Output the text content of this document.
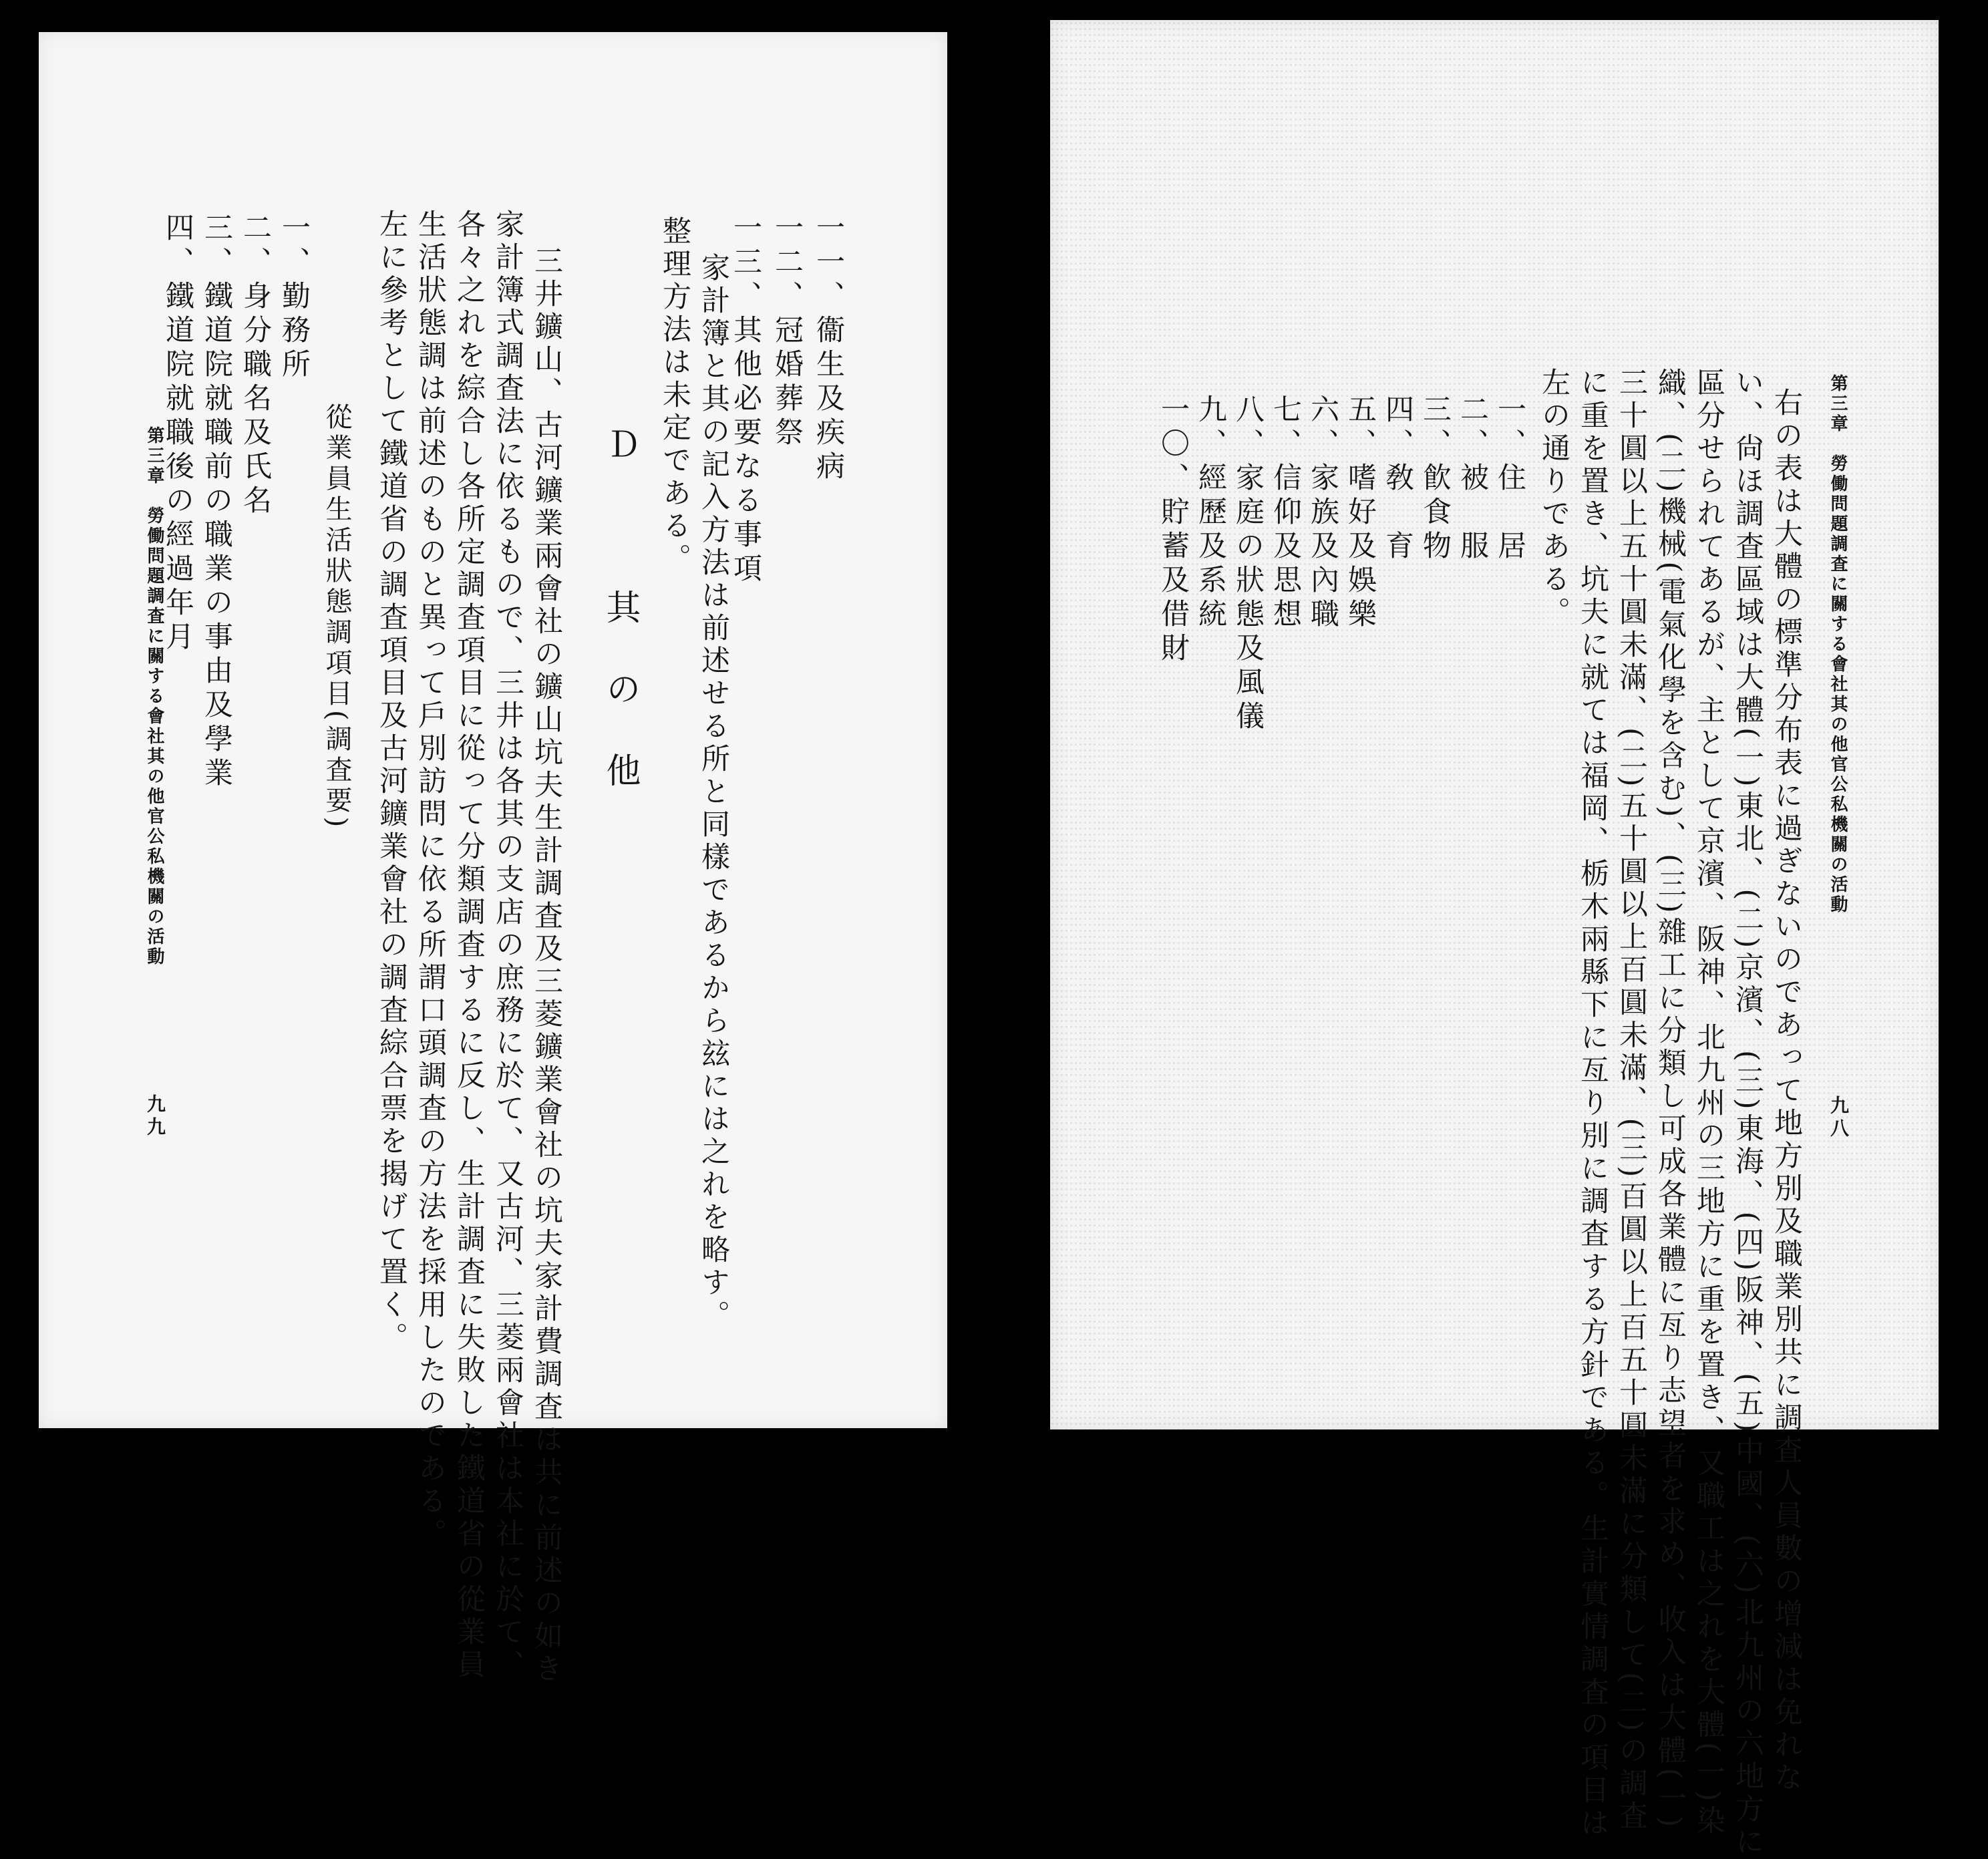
第三章　勞働問題調査に關する會社其の他官公私機關の活動
九九
一一、衞生及疾病
一二、冠婚葬祭
一三、其他必要なる事項
家計簿と其の記入方法は前述せる所と同樣であるから玆には之れを略す。
整理方法は未定である。
Ｄ　其の他
三井鑛山、古河鑛業兩會社の鑛山坑夫生計調査及三菱鑛業會社の坑夫家計費調査は共に前述の如き
家計簿式調査法に依るもので、三井は各其の支店の庶務に於て、又古河、三菱兩會社は本社に於て、
各々之れを綜合し各所定調査項目に從って分類調査するに反し、生計調査に失敗した鐵道省の從業員
生活狀態調は前述のものと異って戶別訪問に依る所謂口頭調査の方法を採用したのである。
左に參考として鐵道省の調査項目及古河鑛業會社の調査綜合票を揭げて置く。
從業員生活狀態調項目(調査要)
一、勤務所
二、身分職名及氏名
三、鐵道院就職前の職業の事由及學業
四、鐵道院就職後の經過年月	第三章　勞働問題調査に關する會社其の他官公私機關の活動
九八
右の表は大體の標準分布表に過ぎないのであって地方別及職業別共に調査人員數の增減は免れな
い、尙ほ調査區域は大體(一)東北、(二)京濱、(三)東海、(四)阪神、(五)中國、(六)北九州の六地方に
區分せられてあるが、主として京濱、阪神、北九州の三地方に重を置き、又職工は之れを大體(一)染
織、(二)機械(電氣化學を含む)、(三)雜工に分類し可成各業體に亙り志望者を求め、收入は大體(一)
三十圓以上五十圓未滿、(二)五十圓以上百圓未滿、(三)百圓以上百五十圓未滿に分類して(二)の調査
に重を置き、坑夫に就ては福岡、栃木兩縣下に亙り別に調査する方針である。生計實情調査の項目は
左の通りである。
一、住　居
二、被　服
三、飮食物
四、敎　育
五、嗜好及娛樂
六、家族及內職
七、信仰及思想
八、家庭の狀態及風儀
九、經歷及系統
一〇、貯蓄及借財
